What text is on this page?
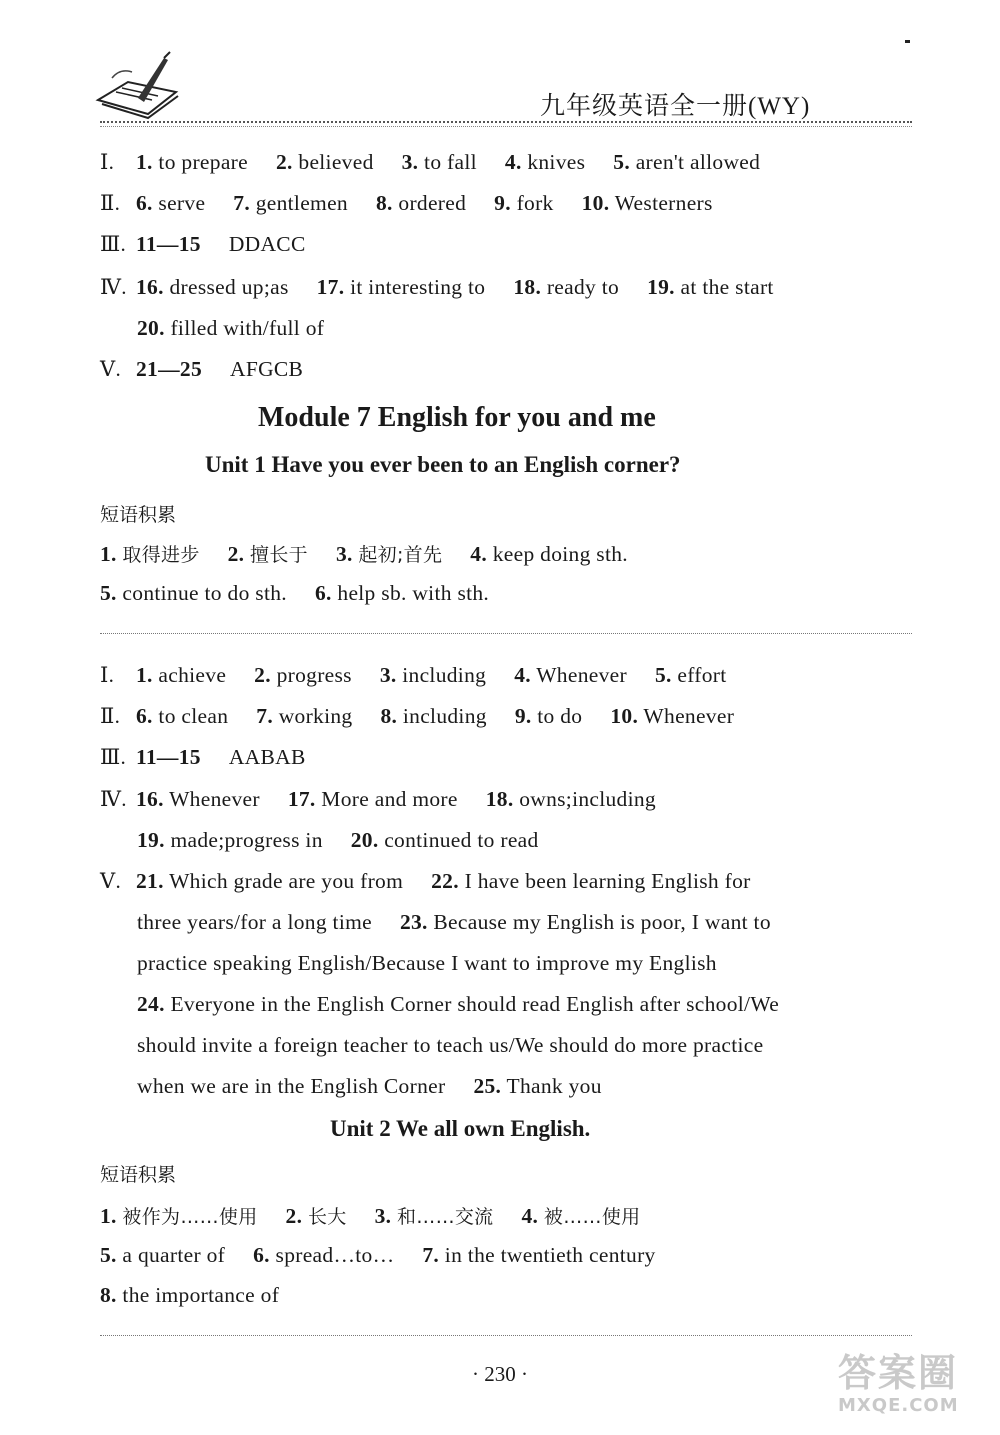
九年级英语全一册(WY)
Ⅰ. 1. to prepare 2. believed 3. to fall 4. knives 5. aren't allowed
Ⅱ. 6. serve 7. gentlemen 8. ordered 9. fork 10. Westerners
Ⅲ. 11—15 DDACC
Ⅳ. 16. dressed up;as 17. it interesting to 18. ready to 19. at the start
20. filled with/full of
Ⅴ. 21—25 AFGCB
Module 7 English for you and me
Unit 1 Have you ever been to an English corner?
短语积累
1. 取得进步 2. 擅长于 3. 起初;首先 4. keep doing sth.
5. continue to do sth. 6. help sb. with sth.
Ⅰ. 1. achieve 2. progress 3. including 4. Whenever 5. effort
Ⅱ. 6. to clean 7. working 8. including 9. to do 10. Whenever
Ⅲ. 11—15 AABAB
Ⅳ. 16. Whenever 17. More and more 18. owns;including
19. made;progress in 20. continued to read
Ⅴ. 21. Which grade are you from 22. I have been learning English for
three years/for a long time 23. Because my English is poor, I want to
practice speaking English/Because I want to improve my English
24. Everyone in the English Corner should read English after school/We
should invite a foreign teacher to teach us/We should do more practice
when we are in the English Corner 25. Thank you
Unit 2 We all own English.
短语积累
1. 被作为……使用 2. 长大 3. 和……交流 4. 被……使用
5. a quarter of 6. spread…to… 7. in the twentieth century
8. the importance of
· 230 ·	答案圈
MXQE.COM
